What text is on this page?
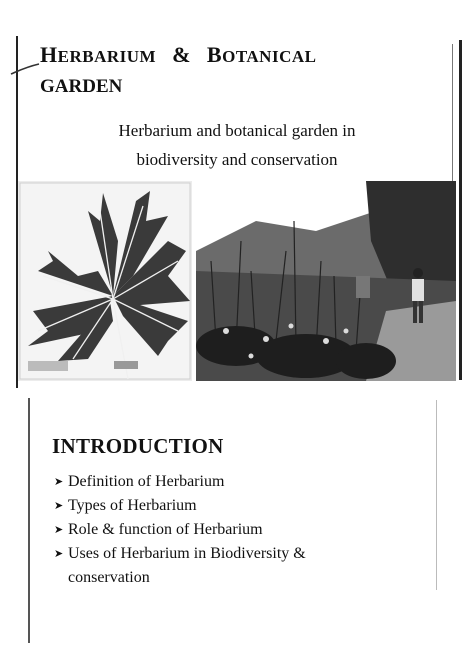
HERBARIUM & BOTANICAL
GARDEN
Herbarium and botanical garden in
biodiversity and conservation
INTRODUCTION
➤ Definition of Herbarium
➤ Types of Herbarium
➤ Role & function of Herbarium
➤ Uses of Herbarium in Biodiversity &
conservation
